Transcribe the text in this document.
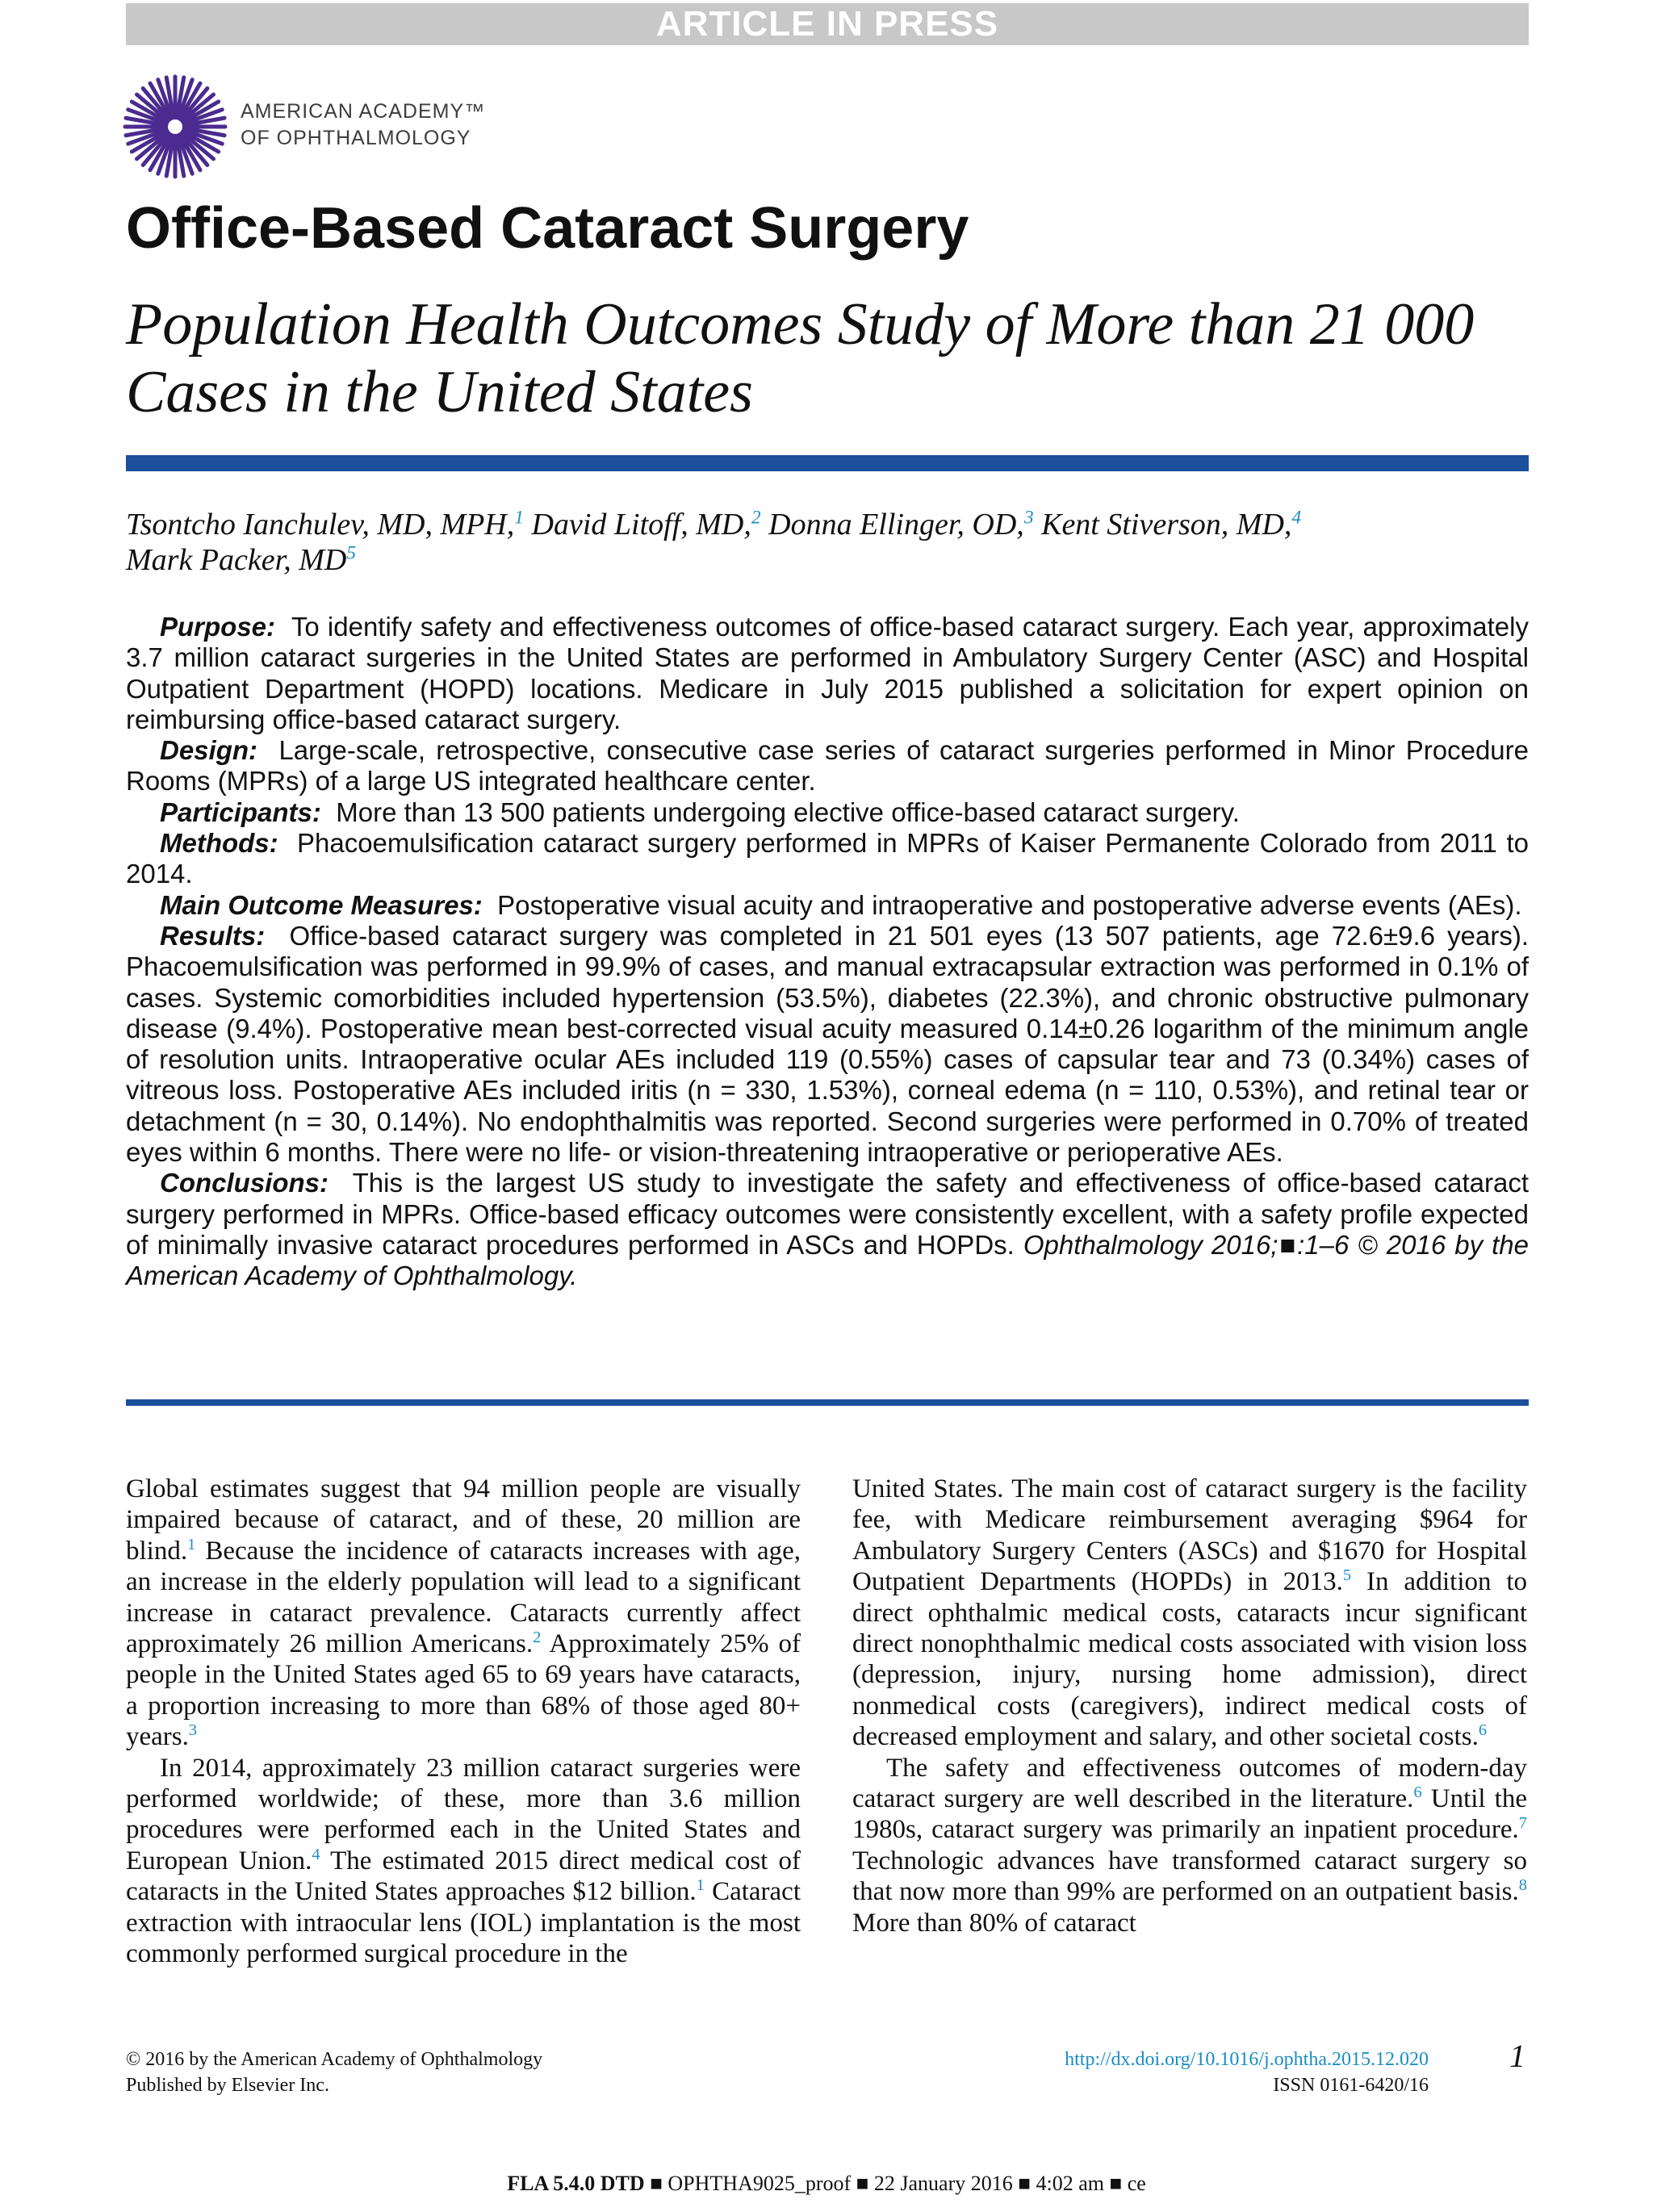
ARTICLE IN PRESS
AMERICAN ACADEMY™
OF OPHTHALMOLOGY
Office-Based Cataract Surgery
Population Health Outcomes Study of More than 21 000 Cases in the United States
Tsontcho Ianchulev, MD, MPH,$^1$ David Litoff, MD,$^2$ Donna Ellinger, OD,$^3$ Kent Stiverson, MD,$^4$
Mark Packer, $MD^5$

Purpose: To identify safety and effectiveness outcomes of office-based cataract surgery. Each year, approximately 3.7 million cataract surgeries in the United States are performed in Ambulatory Surgery Center (ASC) and Hospital Outpatient Department (HOPD) locations. Medicare in July 2015 published a solicitation for expert opinion on reimbursing office-based cataract surgery.

Design: Large-scale, retrospective, consecutive case series of cataract surgeries performed in Minor Procedure Rooms (MPRs) of a large US integrated healthcare center.

Participants: More than 13 500 patients undergoing elective office-based cataract surgery.

Methods: Phacoemulsification cataract surgery performed in MPRs of Kaiser Permanente Colorado from 2011 to 2014.

Main Outcome Measures: Postoperative visual acuity and intraoperative and postoperative adverse events (AEs).

Results: Office-based cataract surgery was completed in 21 501 eyes (13 507 patients, age 72.6±9.6 years). Phacoemulsification was performed in 99.9% of cases, and manual extracapsular extraction was performed in 0.1% of cases. Systemic comorbidities included hypertension (53.5%), diabetes (22.3%), and chronic obstructive pulmonary disease (9.4%). Postoperative mean best-corrected visual acuity measured 0.14±0.26 logarithm of the minimum angle of resolution units. Intraoperative ocular AEs included 119 (0.55%) cases of capsular tear and 73 (0.34%) cases of vitreous loss. Postoperative AEs included iritis (n = 330, 1.53%), corneal edema (n = 110, 0.53%), and retinal tear or detachment (n = 30, 0.14%). No endophthalmitis was reported. Second surgeries were performed in 0.70% of treated eyes within 6 months. There were no life- or vision-threatening intraoperative or perioperative AEs.

Conclusions: This is the largest US study to investigate the safety and effectiveness of office-based cataract surgery performed in MPRs. Office-based efficacy outcomes were consistently excellent, with a safety profile expected of minimally invasive cataract procedures performed in ASCs and HOPDs. Ophthalmology 2016;■:1–6 © 2016 by the American Academy of Ophthalmology.

Global estimates suggest that 94 million people are visually impaired because of cataract, and of these, 20 million are blind.$^1$ Because the incidence of cataracts increases with age, an increase in the elderly population will lead to a significant increase in cataract prevalence. Cataracts currently affect approximately 26 million Americans.$^2$ Approximately 25% of people in the United States aged 65 to 69 years have cataracts, a proportion increasing to more than 68% of those aged 80+ years.$^3$

In 2014, approximately 23 million cataract surgeries were performed worldwide; of these, more than 3.6 million procedures were performed each in the United States and European Union.$^4$ The estimated 2015 direct medical cost of cataracts in the United States approaches $12 billion.$^1$ Cataract extraction with intraocular lens (IOL) implantation is the most commonly performed surgical procedure in the

United States. The main cost of cataract surgery is the facility fee, with Medicare reimbursement averaging $964 for Ambulatory Surgery Centers (ASCs) and $1670 for Hospital Outpatient Departments (HOPDs) in 2013.$^5$ In addition to direct ophthalmic medical costs, cataracts incur significant direct nonophthalmic medical costs associated with vision loss (depression, injury, nursing home admission), direct nonmedical costs (caregivers), indirect medical costs of decreased employment and salary, and other societal costs.$^6$

The safety and effectiveness outcomes of modern-day cataract surgery are well described in the literature.$^6$ Until the 1980s, cataract surgery was primarily an inpatient procedure.$^7$ Technologic advances have transformed cataract surgery so that now more than 99% are performed on an outpatient basis.$^8$ More than 80% of cataract

© 2016 by the American Academy of Ophthalmology
Published by Elsevier Inc.
http://dx.doi.org/10.1016/j.ophtha.2015.12.020
ISSN 0161-6420/16
1
FLA 5.4.0 DTD ■ OPHTHA9025_proof ■ 22 January 2016 ■ 4:02 am ■ ce
